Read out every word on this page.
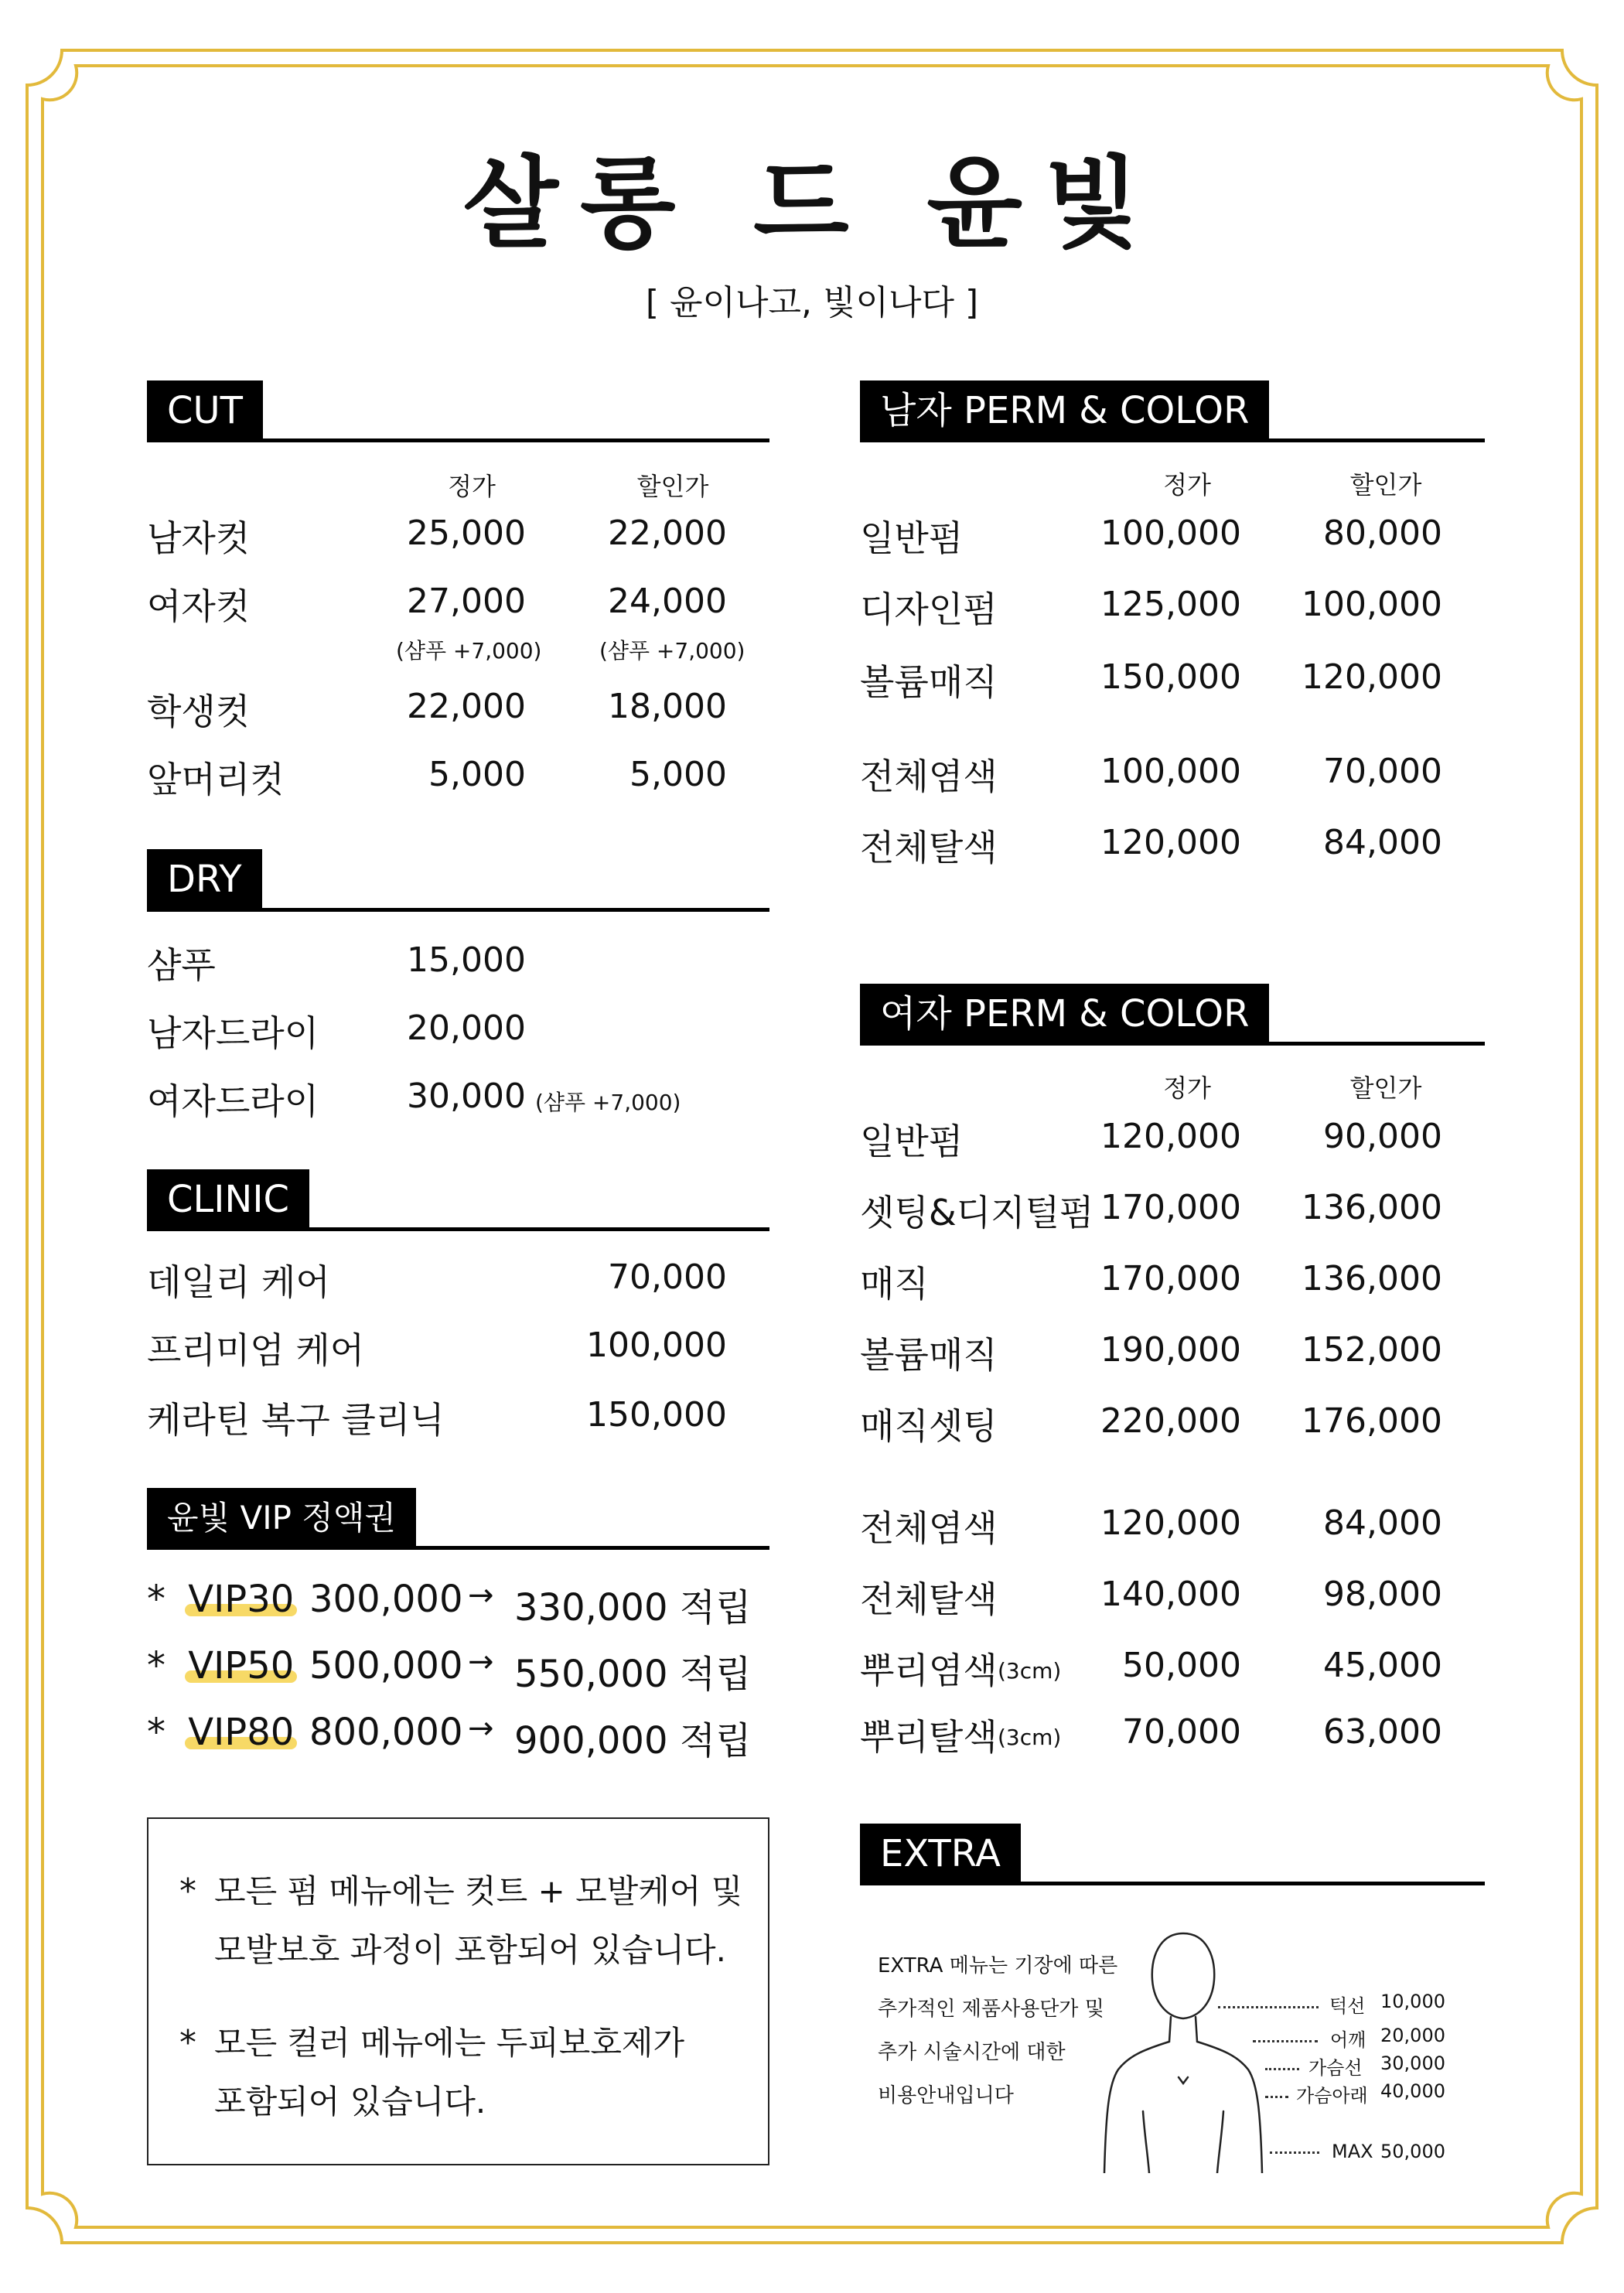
살롱 드 윤빛
[ 윤이나고, 빛이나다 ]
CUT
정가	할인가
남자컷	25,000	22,000
여자컷	27,000	24,000
(샴푸 +7,000)	(샴푸 +7,000)
학생컷	22,000	18,000
앞머리컷	5,000	5,000
DRY
샴푸	15,000
남자드라이	20,000
여자드라이	30,000 (샴푸 +7,000)
CLINIC
데일리 케어	70,000
프리미엄 케어	100,000
케라틴 복구 클리닉	150,000
윤빛 VIP 정액권
* VIP30 300,000 → 330,000 적립
* VIP50 500,000 → 550,000 적립
* VIP80 800,000 → 900,000 적립
* 모든 펌 메뉴에는 컷트 + 모발케어 및
모발보호 과정이 포함되어 있습니다.
* 모든 컬러 메뉴에는 두피보호제가
포함되어 있습니다.
남자 PERM & COLOR
정가	할인가
일반펌	100,000	80,000
디자인펌	125,000	100,000
볼륨매직	150,000	120,000
전체염색	100,000	70,000
전체탈색	120,000	84,000
여자 PERM & COLOR
정가	할인가
일반펌	120,000	90,000
셋팅&디지털펌 170,000	136,000
매직	170,000	136,000
볼륨매직	190,000	152,000
매직셋팅	220,000	176,000
전체염색	120,000	84,000
전체탈색	140,000	98,000
뿌리염색 (3cm)	50,000	45,000
뿌리탈색 (3cm)	70,000	63,000
EXTRA
EXTRA 메뉴는 기장에 따른
추가적인 제품사용단가 및
추가 시술시간에 대한
비용안내입니다
턱선 10,000
어깨 20,000
가슴선 30,000
가슴아래 40,000
MAX 50,000
